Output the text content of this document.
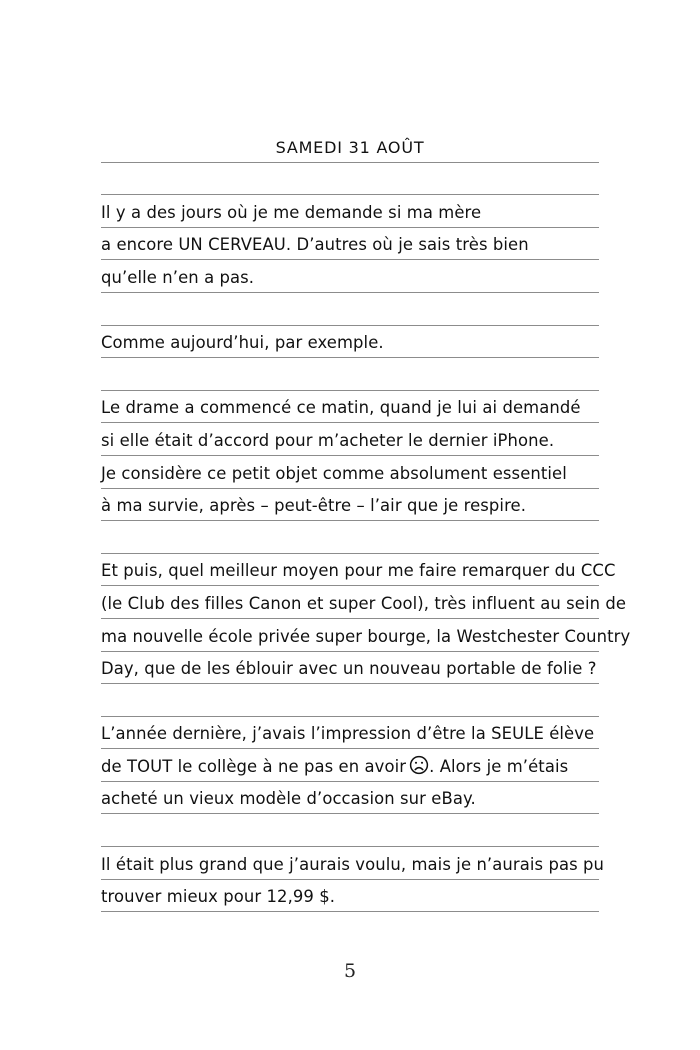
SAMEDI 31 AOÛT
Il y a des jours où je me demande si ma mère
a encore UN CERVEAU. D’autres où je sais très bien
qu’elle n’en a pas.
Comme aujourd’hui, par exemple.
Le drame a commencé ce matin, quand je lui ai demandé
si elle était d’accord pour m’acheter le dernier iPhone.
Je considère ce petit objet comme absolument essentiel
à ma survie, après – peut-être – l’air que je respire.
Et puis, quel meilleur moyen pour me faire remarquer du CCC
(le Club des filles Canon et super Cool), très influent au sein de
ma nouvelle école privée super bourge, la Westchester Country
Day, que de les éblouir avec un nouveau portable de folie ?
L’année dernière, j’avais l’impression d’être la SEULE élève
de TOUT le collège à ne pas en avoir . Alors je m’étais
acheté un vieux modèle d’occasion sur eBay.
Il était plus grand que j’aurais voulu, mais je n’aurais pas pu
trouver mieux pour 12,99 $.
5
